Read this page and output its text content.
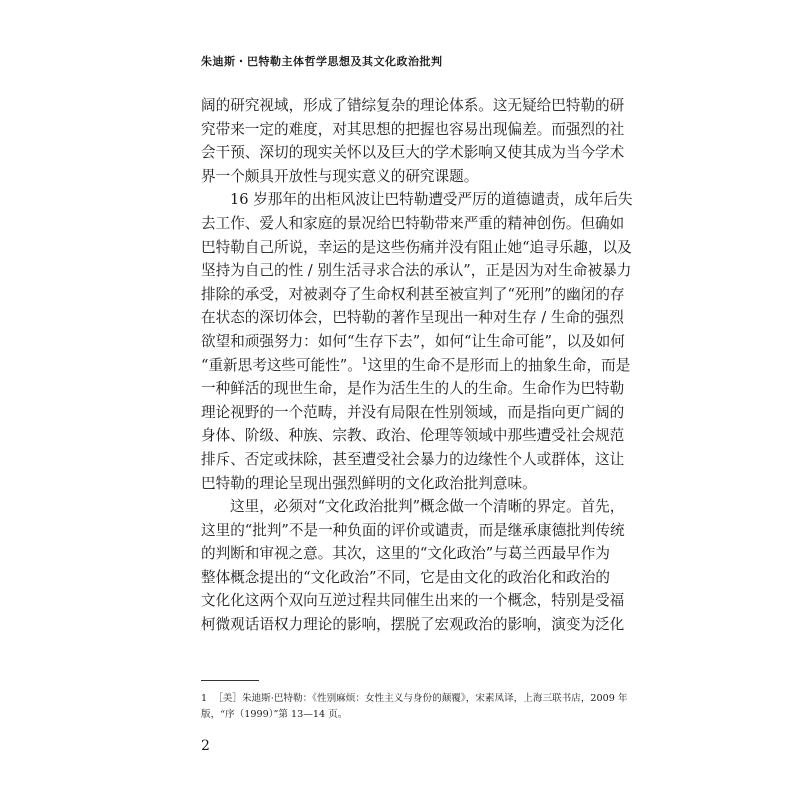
朱迪斯・巴特勒主体哲学思想及其文化政治批判
阔的研究视域，形成了错综复杂的理论体系。这无疑给巴特勒的研
究带来一定的难度，对其思想的把握也容易出现偏差。而强烈的社
会干预、深切的现实关怀以及巨大的学术影响又使其成为当今学术
界一个颇具开放性与现实意义的研究课题。
16 岁那年的出柜风波让巴特勒遭受严厉的道德谴责，成年后失
去工作、爱人和家庭的景况给巴特勒带来严重的精神创伤。但确如
巴特勒自己所说，幸运的是这些伤痛并没有阻止她“追寻乐趣，以及
坚持为自己的性 / 别生活寻求合法的承认”，正是因为对生命被暴力
排除的承受，对被剥夺了生命权利甚至被宣判了“死刑”的幽闭的存
在状态的深切体会，巴特勒的著作呈现出一种对生存 / 生命的强烈
欲望和顽强努力：如何“生存下去”，如何“让生命可能”，以及如何
“重新思考这些可能性”。$^1$这里的生命不是形而上的抽象生命，而是
一种鲜活的现世生命，是作为活生生的人的生命。生命作为巴特勒
理论视野的一个范畴，并没有局限在性别领域，而是指向更广阔的
身体、阶级、种族、宗教、政治、伦理等领域中那些遭受社会规范
排斥、否定或抹除，甚至遭受社会暴力的边缘性个人或群体，这让
巴特勒的理论呈现出强烈鲜明的文化政治批判意味。
这里，必须对“文化政治批判”概念做一个清晰的界定。首先，
这里的“批判”不是一种负面的评价或谴责，而是继承康德批判传统
的判断和审视之意。其次，这里的“文化政治”与葛兰西最早作为
整体概念提出的“文化政治”不同，它是由文化的政治化和政治的
文化化这两个双向互逆过程共同催生出来的一个概念，特别是受福
柯微观话语权力理论的影响，摆脱了宏观政治的影响，演变为泛化
1 ［美］朱迪斯·巴特勒：《性别麻烦：女性主义与身份的颠覆》，宋素凤译，上海三联书店，2009 年
版，“序（1999）”第 13—14 页。
2
